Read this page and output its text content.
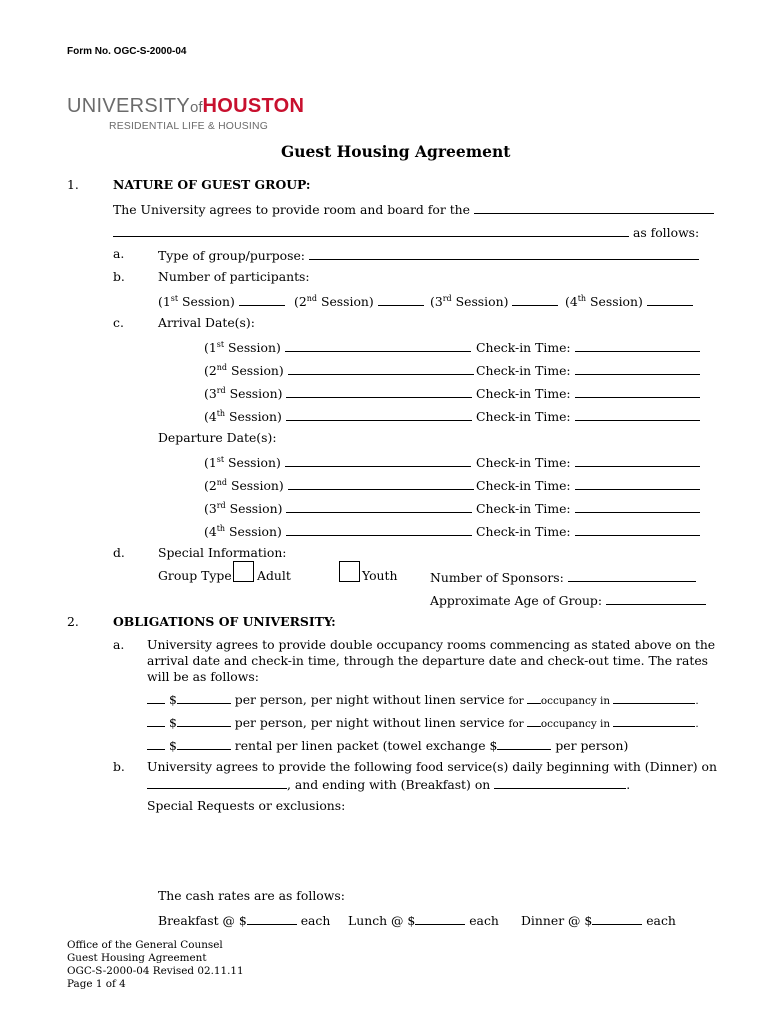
Form No. OGC-S-2000-04
UNIVERSITYofHOUSTON
RESIDENTIAL LIFE & HOUSING
Guest Housing Agreement
1.	NATURE OF GUEST GROUP:
The University agrees to provide room and board for the
as follows:
a.	Type of group/purpose:
b.	Number of participants:
(1st Session)	(2nd Session)	(3rd Session)	(4th Session)
c.	Arrival Date(s):
(1st Session)	Check-in Time:
(2nd Session)	Check-in Time:
(3rd Session)	Check-in Time:
(4th Session)	Check-in Time:
Departure Date(s):
(1st Session)	Check-in Time:
(2nd Session)	Check-in Time:
(3rd Session)	Check-in Time:
(4th Session)	Check-in Time:
d.	Special Information:
Group Type Adult	Youth	Number of Sponsors:
Approximate Age of Group:
2.	OBLIGATIONS OF UNIVERSITY:
a. University agrees to provide double occupancy rooms commencing as stated above on the
arrival date and check-in time, through the departure date and check-out time. The rates
will be as follows:
$	per person, per night without linen service for occupancy in	.
$	per person, per night without linen service for occupancy in	.
$	rental per linen packet (towel exchange $	per person)
b. University agrees to provide the following food service(s) daily beginning with (Dinner) on
, and ending with (Breakfast) on	.
Special Requests or exclusions:
The cash rates are as follows:
Breakfast @ $	each Lunch @ $	each Dinner @ $	each
Office of the General Counsel
Guest Housing Agreement
OGC-S-2000-04 Revised 02.11.11
Page 1 of 4
